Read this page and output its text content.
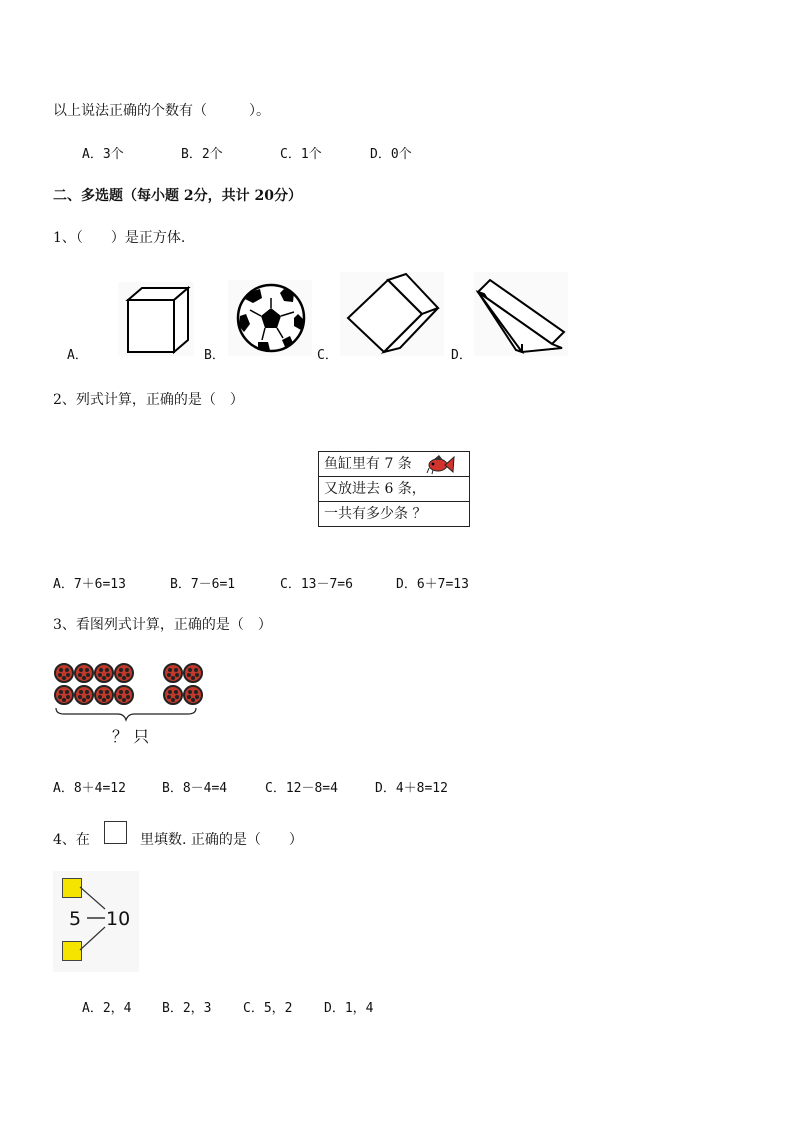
以上说法正确的个数有（　　　）。
A．3个	B．2个	C．1个	D．0个
二、多选题（每小题 2分，共计 20分）
1、（　　）是正方体.
A．	B．	C．	D．
2、列式计算，正确的是（　）
鱼缸里有 7 条
又放进去 6 条，
一共有多少条 ？
A．7＋6=13	B．7－6=1	C．13－7=6	D．6＋7=13
3、看图列式计算，正确的是（　）
？ 只
A．8＋4=12	B．8－4=4	C．12－8=4	D．4＋8=12
4、在	里填数. 正确的是（　　）
5 10
A．2，4 B．2，3 C．5，2 D．1，4
